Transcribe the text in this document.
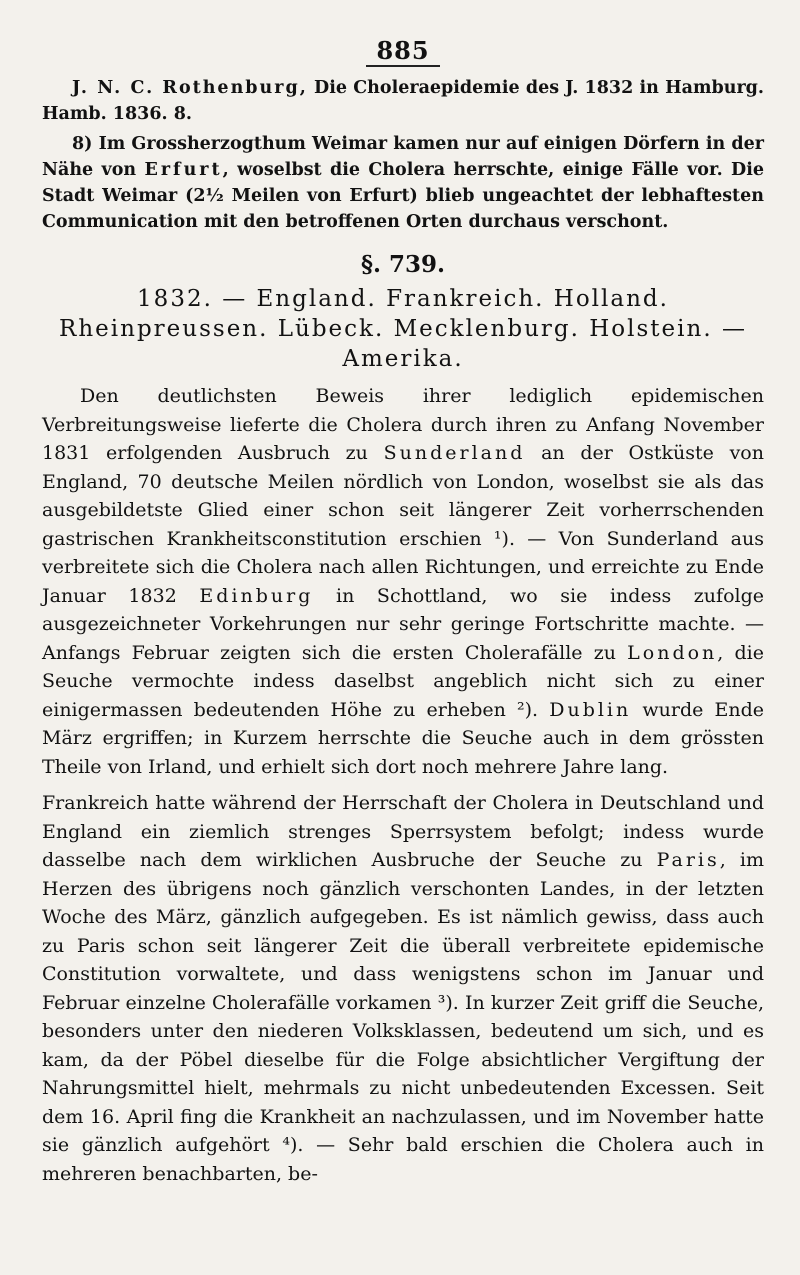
885

J. N. C. Rothenburg, Die Choleraepidemie des J. 1832 in Hamburg. Hamb. 1836. 8.

8) Im Grossherzogthum Weimar kamen nur auf einigen Dörfern in der Nähe von Erfurt, woselbst die Cholera herrschte, einige Fälle vor. Die Stadt Weimar (2½ Meilen von Erfurt) blieb ungeachtet der lebhaftesten Communication mit den betroffenen Orten durchaus verschont.

§. 739.
1832. — England. Frankreich. Holland. Rheinpreussen. Lübeck. Mecklenburg. Holstein. — Amerika.

Den deutlichsten Beweis ihrer lediglich epidemischen Verbreitungsweise lieferte die Cholera durch ihren zu Anfang November 1831 erfolgenden Ausbruch zu Sunderland an der Ostküste von England, 70 deutsche Meilen nördlich von London, woselbst sie als das ausgebildetste Glied einer schon seit längerer Zeit vorherrschenden gastrischen Krankheitsconstitution erschien ¹). — Von Sunderland aus verbreitete sich die Cholera nach allen Richtungen, und erreichte zu Ende Januar 1832 Edinburg in Schottland, wo sie indess zufolge ausgezeichneter Vorkehrungen nur sehr geringe Fortschritte machte. — Anfangs Februar zeigten sich die ersten Cholerafälle zu London, die Seuche vermochte indess daselbst angeblich nicht sich zu einer einigermassen bedeutenden Höhe zu erheben ²). Dublin wurde Ende März ergriffen; in Kurzem herrschte die Seuche auch in dem grössten Theile von Irland, und erhielt sich dort noch mehrere Jahre lang.

Frankreich hatte während der Herrschaft der Cholera in Deutschland und England ein ziemlich strenges Sperrsystem befolgt; indess wurde dasselbe nach dem wirklichen Ausbruche der Seuche zu Paris, im Herzen des übrigens noch gänzlich verschonten Landes, in der letzten Woche des März, gänzlich aufgegeben. Es ist nämlich gewiss, dass auch zu Paris schon seit längerer Zeit die überall verbreitete epidemische Constitution vorwaltete, und dass wenigstens schon im Januar und Februar einzelne Cholerafälle vorkamen ³). In kurzer Zeit griff die Seuche, besonders unter den niederen Volksklassen, bedeutend um sich, und es kam, da der Pöbel dieselbe für die Folge absichtlicher Vergiftung der Nahrungsmittel hielt, mehrmals zu nicht unbedeutenden Excessen. Seit dem 16. April fing die Krankheit an nachzulassen, und im November hatte sie gänzlich aufgehört ⁴). — Sehr bald erschien die Cholera auch in mehreren benachbarten, be-
